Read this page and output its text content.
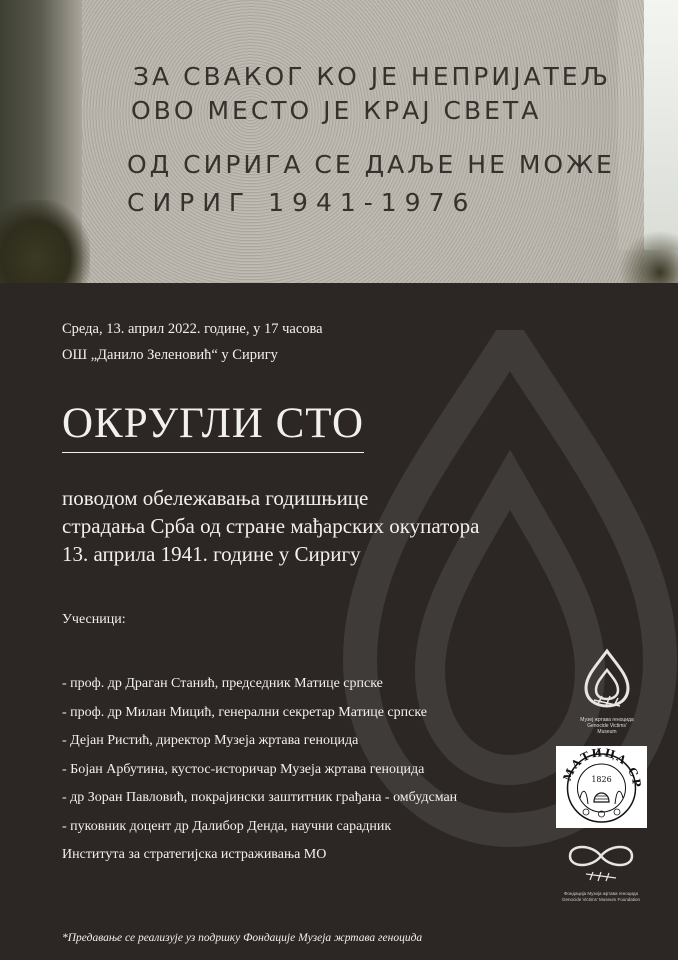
ЗА СВАКОГ КО ЈЕ НЕПРИЈАТЕЉ
ОВО МЕСТО ЈЕ КРАЈ СВЕТА
ОД СИРИГА СЕ ДАЉЕ НЕ МОЖЕ
СИРИГ 1941-1976
Среда, 13. април 2022. године, у 17 часова
ОШ „Данило Зеленовић“ у Сиригу
ОКРУГЛИ СТО
поводом обележавања годишњице
страдања Срба од стране мађарских окупатора
13. априла 1941. године у Сиригу
Учесници:
- проф. др Драган Станић, председник Матице српске
- проф. др Милан Мицић, генерални секретар Матице српске
- Дејан Ристић, директор Музеја жртава геноцида
- Бојан Арбутина, кустос-историчар Музеја жртава геноцида
- др Зоран Павловић, покрајински заштитник грађана - омбудсман
- пуковник доцент др Далибор Денда, научни сарадник
Института за стратегијска истраживања МО
Музеј жртава геноцида
Genocide Victims' Museum
МАТИЦА СР
1826
Фондација Музеја жртава геноцида
Genocide Victims' Museum Foundation
*Предавање се реализује уз подршку Фондације Музеја жртава геноцида
